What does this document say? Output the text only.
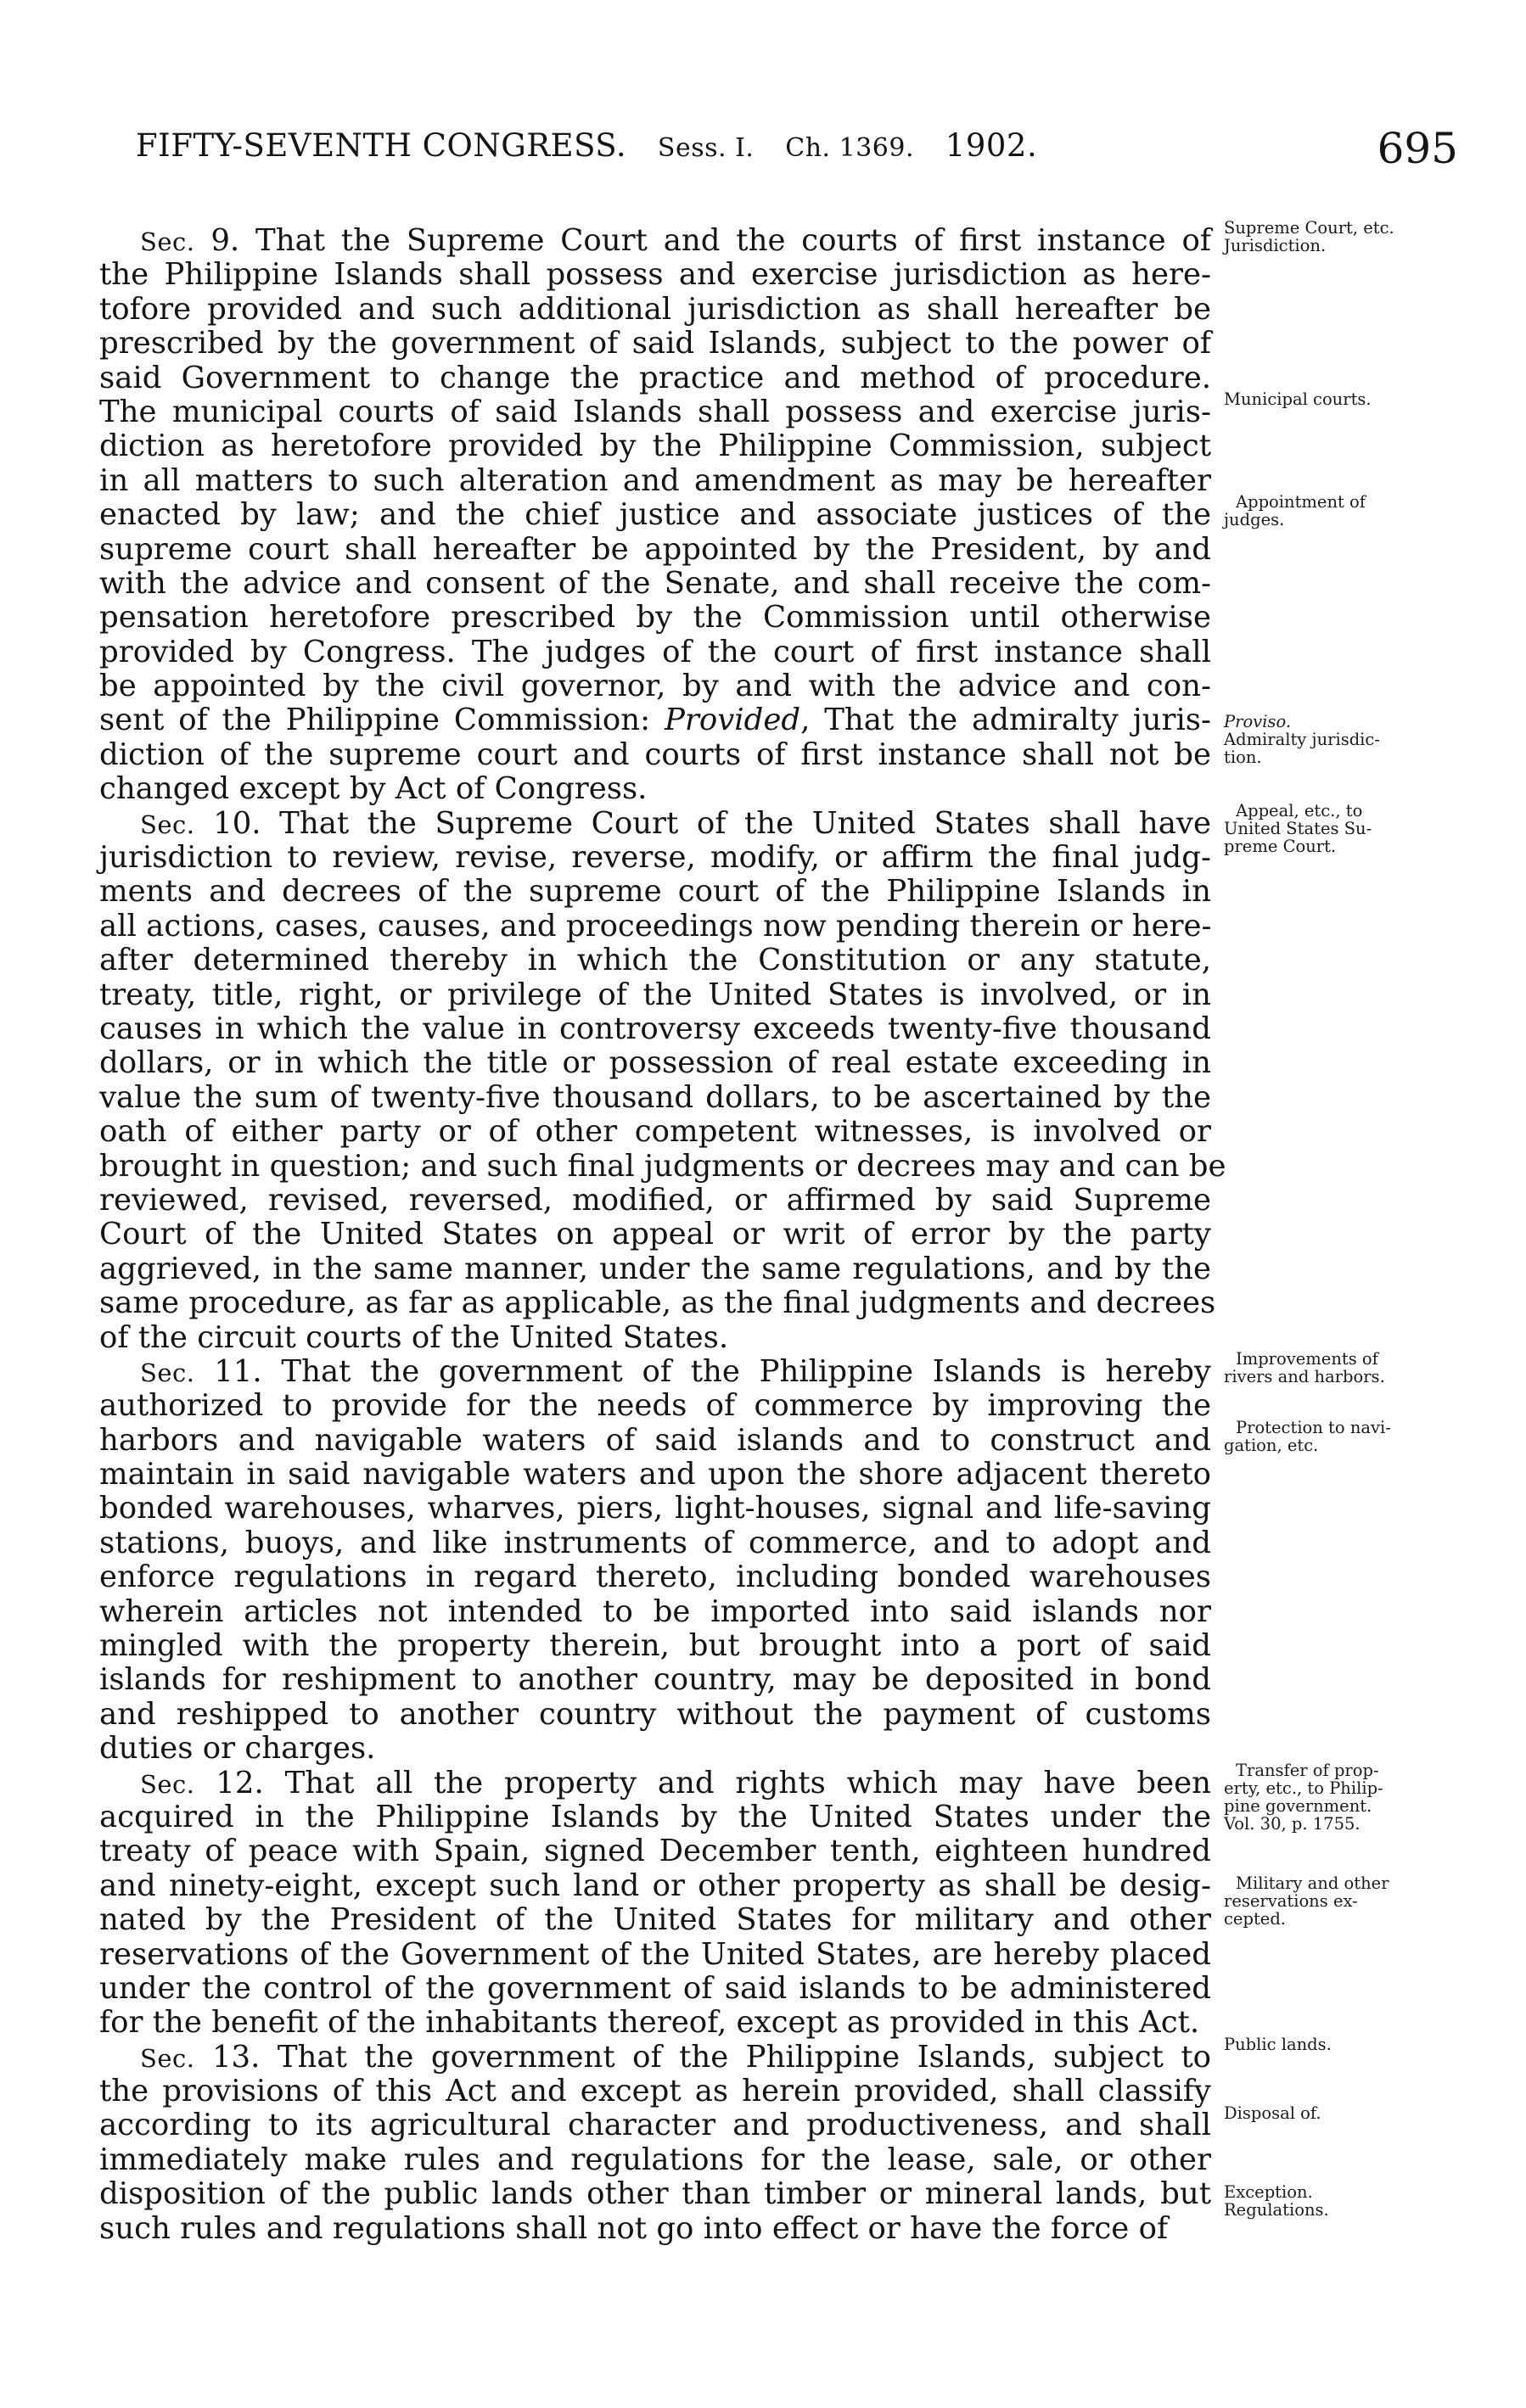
FIFTY-SEVENTH CONGRESS. Sess. I. Ch. 1369. 1902.	695
Sec. 9. That the Supreme Court and the courts of first instance of
the Philippine Islands shall possess and exercise jurisdiction as here-
tofore provided and such additional jurisdiction as shall hereafter be
prescribed by the government of said Islands, subject to the power of
said Government to change the practice and method of procedure.
The municipal courts of said Islands shall possess and exercise juris-
diction as heretofore provided by the Philippine Commission, subject
in all matters to such alteration and amendment as may be hereafter
enacted by law; and the chief justice and associate justices of the
supreme court shall hereafter be appointed by the President, by and
with the advice and consent of the Senate, and shall receive the com-
pensation heretofore prescribed by the Commission until otherwise
provided by Congress. The judges of the court of first instance shall
be appointed by the civil governor, by and with the advice and con-
sent of the Philippine Commission: Provided, That the admiralty juris-
diction of the supreme court and courts of first instance shall not be
changed except by Act of Congress.
Sec. 10. That the Supreme Court of the United States shall have
jurisdiction to review, revise, reverse, modify, or affirm the final judg-
ments and decrees of the supreme court of the Philippine Islands in
all actions, cases, causes, and proceedings now pending therein or here-
after determined thereby in which the Constitution or any statute,
treaty, title, right, or privilege of the United States is involved, or in
causes in which the value in controversy exceeds twenty-five thousand
dollars, or in which the title or possession of real estate exceeding in
value the sum of twenty-five thousand dollars, to be ascertained by the
oath of either party or of other competent witnesses, is involved or
brought in question; and such final judgments or decrees may and can be
reviewed, revised, reversed, modified, or affirmed by said Supreme
Court of the United States on appeal or writ of error by the party
aggrieved, in the same manner, under the same regulations, and by the
same procedure, as far as applicable, as the final judgments and decrees
of the circuit courts of the United States.
Sec. 11. That the government of the Philippine Islands is hereby
authorized to provide for the needs of commerce by improving the
harbors and navigable waters of said islands and to construct and
maintain in said navigable waters and upon the shore adjacent thereto
bonded warehouses, wharves, piers, light-houses, signal and life-saving
stations, buoys, and like instruments of commerce, and to adopt and
enforce regulations in regard thereto, including bonded warehouses
wherein articles not intended to be imported into said islands nor
mingled with the property therein, but brought into a port of said
islands for reshipment to another country, may be deposited in bond
and reshipped to another country without the payment of customs
duties or charges.
Sec. 12. That all the property and rights which may have been
acquired in the Philippine Islands by the United States under the
treaty of peace with Spain, signed December tenth, eighteen hundred
and ninety-eight, except such land or other property as shall be desig-
nated by the President of the United States for military and other
reservations of the Government of the United States, are hereby placed
under the control of the government of said islands to be administered
for the benefit of the inhabitants thereof, except as provided in this Act.
Sec. 13. That the government of the Philippine Islands, subject to
the provisions of this Act and except as herein provided, shall classify
according to its agricultural character and productiveness, and shall
immediately make rules and regulations for the lease, sale, or other
disposition of the public lands other than timber or mineral lands, but
such rules and regulations shall not go into effect or have the force of
Supreme Court, etc.
Jurisdiction.
Municipal courts.
Appointment of
judges.
Proviso.
Admiralty jurisdic-
tion.
Appeal, etc., to
United States Su-
preme Court.
Improvements of
rivers and harbors.
Protection to navi-
gation, etc.
Transfer of prop-
erty, etc., to Philip-
pine government.
Vol. 30, p. 1755.
Military and other
reservations ex-
cepted.
Public lands.
Disposal of.
Exception.
Regulations.
